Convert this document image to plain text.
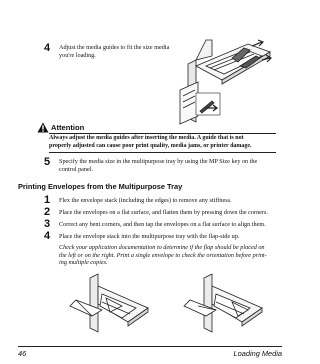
4 Adjust the media guides to fit the size media
you're loading.
Attention
Always adjust the media guides after inserting the media. A guide that is not
properly adjusted can cause poor print quality, media jams, or printer damage.
5 Specify the media size in the multipurpose tray by using the MP Size key on the
control panel.
Printing Envelopes from the Multipurpose Tray
1 Flex the envelope stack (including the edges) to remove any stiffness.
2 Place the envelopes on a flat surface, and flatten them by pressing down the corners.
3 Correct any bent corners, and then tap the envelopes on a flat surface to align them.
4 Place the envelope stack into the multipurpose tray with the flap-side up.
Check your application documentation to determine if the flap should be placed on
the left or on the right. Print a single envelope to check the orientation before print-
ing multiple copies.
46	Loading Media
